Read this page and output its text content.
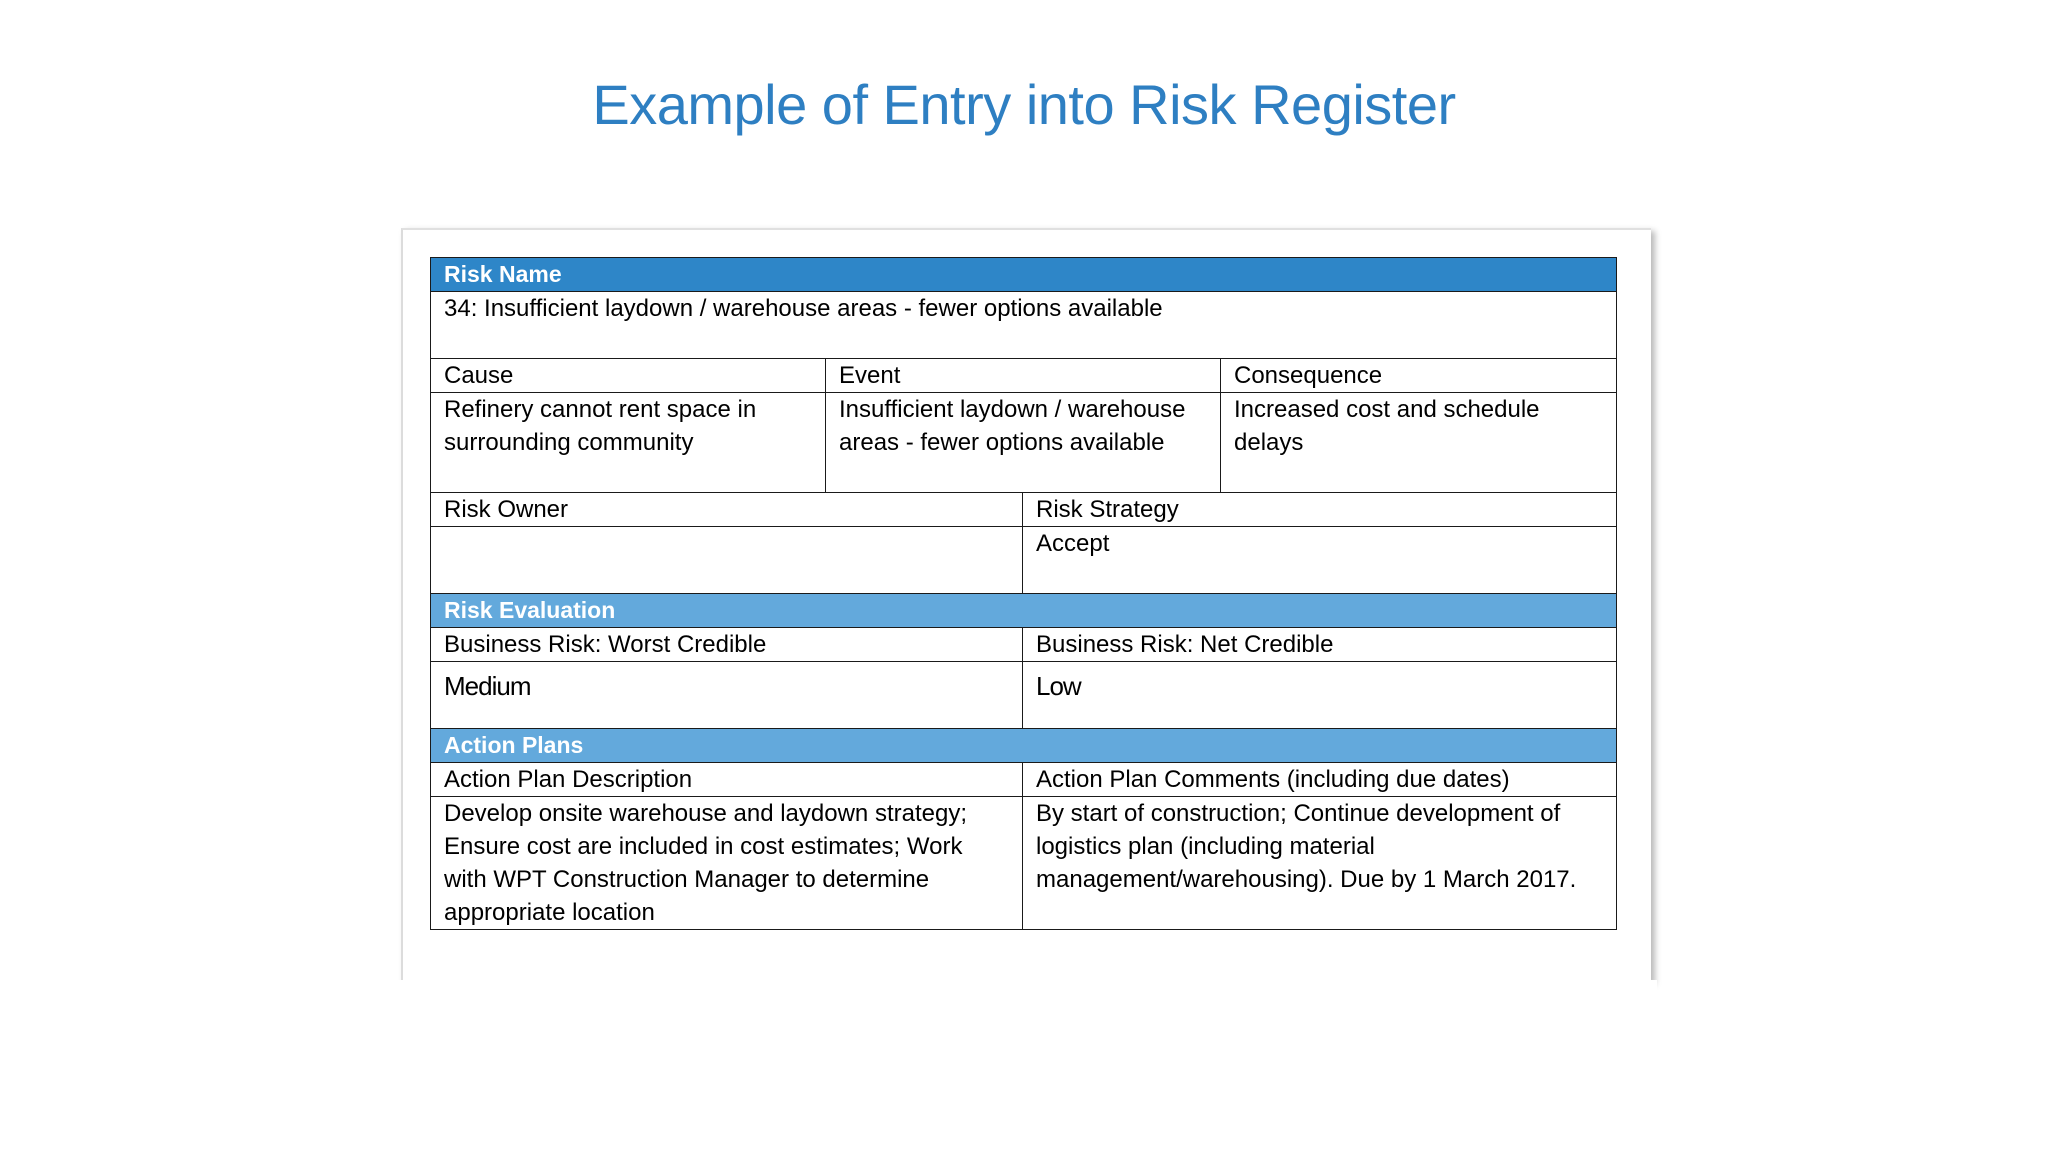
Example of Entry into Risk Register
Risk Name			
34: Insufficient laydown / warehouse areas - fewer options available			
Cause	Event		Consequence
Refinery cannot rent space in surrounding community	Insufficient laydown / warehouse areas - fewer options available		Increased cost and schedule delays
Risk Owner		Risk Strategy	
		Accept	
Risk Evaluation			
Business Risk: Worst Credible		Business Risk: Net Credible	
Medium		Low	
Action Plans			
Action Plan Description		Action Plan Comments (including due dates)	
Develop onsite warehouse and laydown strategy; Ensure cost are included in cost estimates; Work with WPT Construction Manager to determine appropriate location		By start of construction; Continue development of logistics plan (including material management/warehousing). Due by 1 March 2017.	
